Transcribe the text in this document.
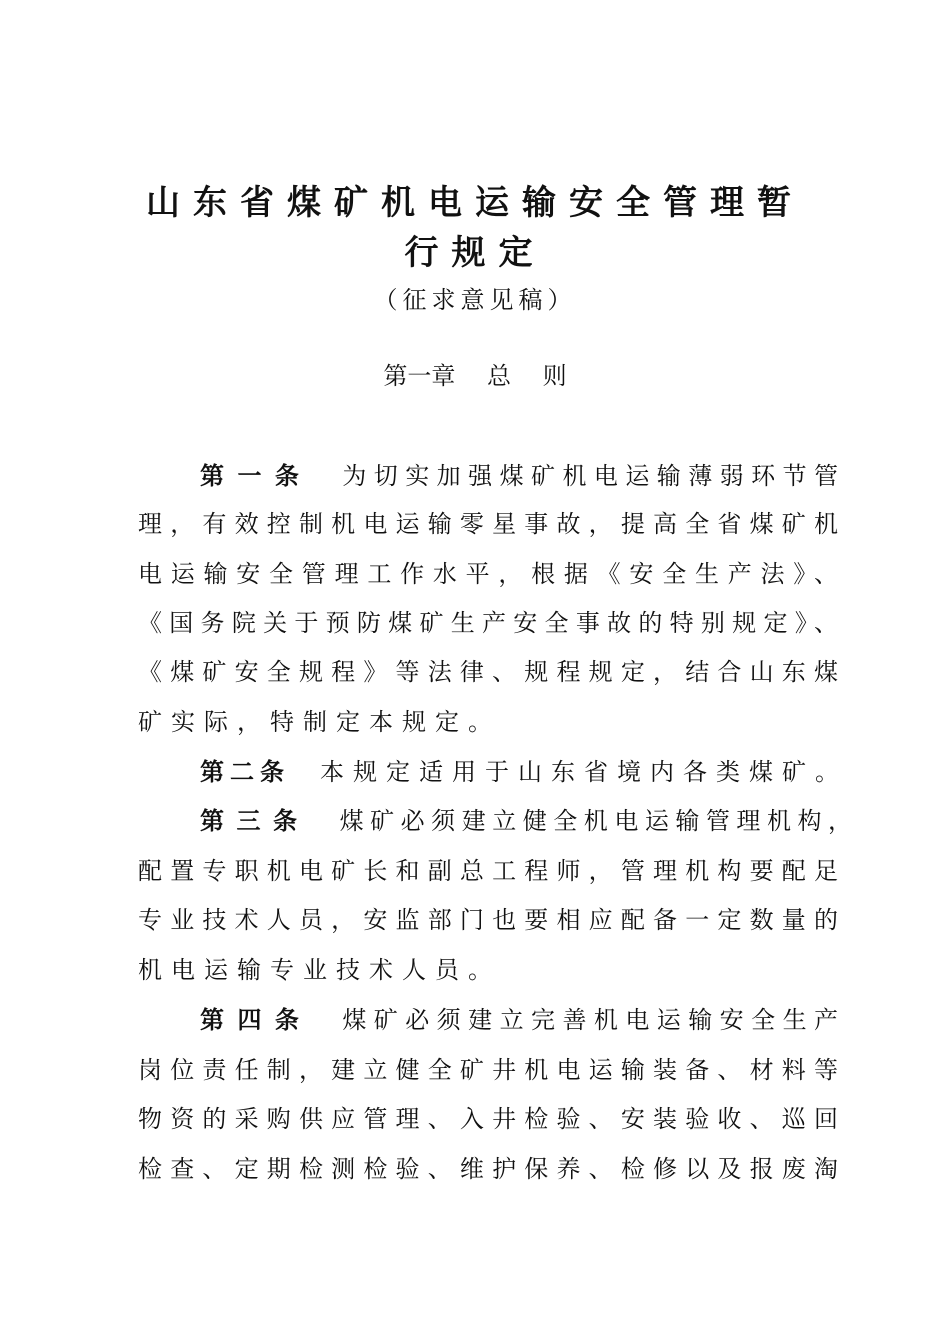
山东省煤矿机电运输安全管理暂
行规定
（征求意见稿）
第一章　 总　 则
第一条 为切实加强煤矿机电运输薄弱环节管
理，有效控制机电运输零星事故，提高全省煤矿机
电运输安全管理工作水平，根据《安全生产法》、
《国务院关于预防煤矿生产安全事故的特别规定》、
《煤矿安全规程》等法律、规程规定，结合山东煤
矿实际，特制定本规定。
第二条 本规定适用于山东省境内各类煤矿。
第三条 煤矿必须建立健全机电运输管理机构，
配置专职机电矿长和副总工程师，管理机构要配足
专业技术人员，安监部门也要相应配备一定数量的
机电运输专业技术人员。
第四条 煤矿必须建立完善机电运输安全生产
岗位责任制，建立健全矿井机电运输装备、材料等
物资的采购供应管理、入井检验、安装验收、巡回
检查、定期检测检验、维护保养、检修以及报废淘
